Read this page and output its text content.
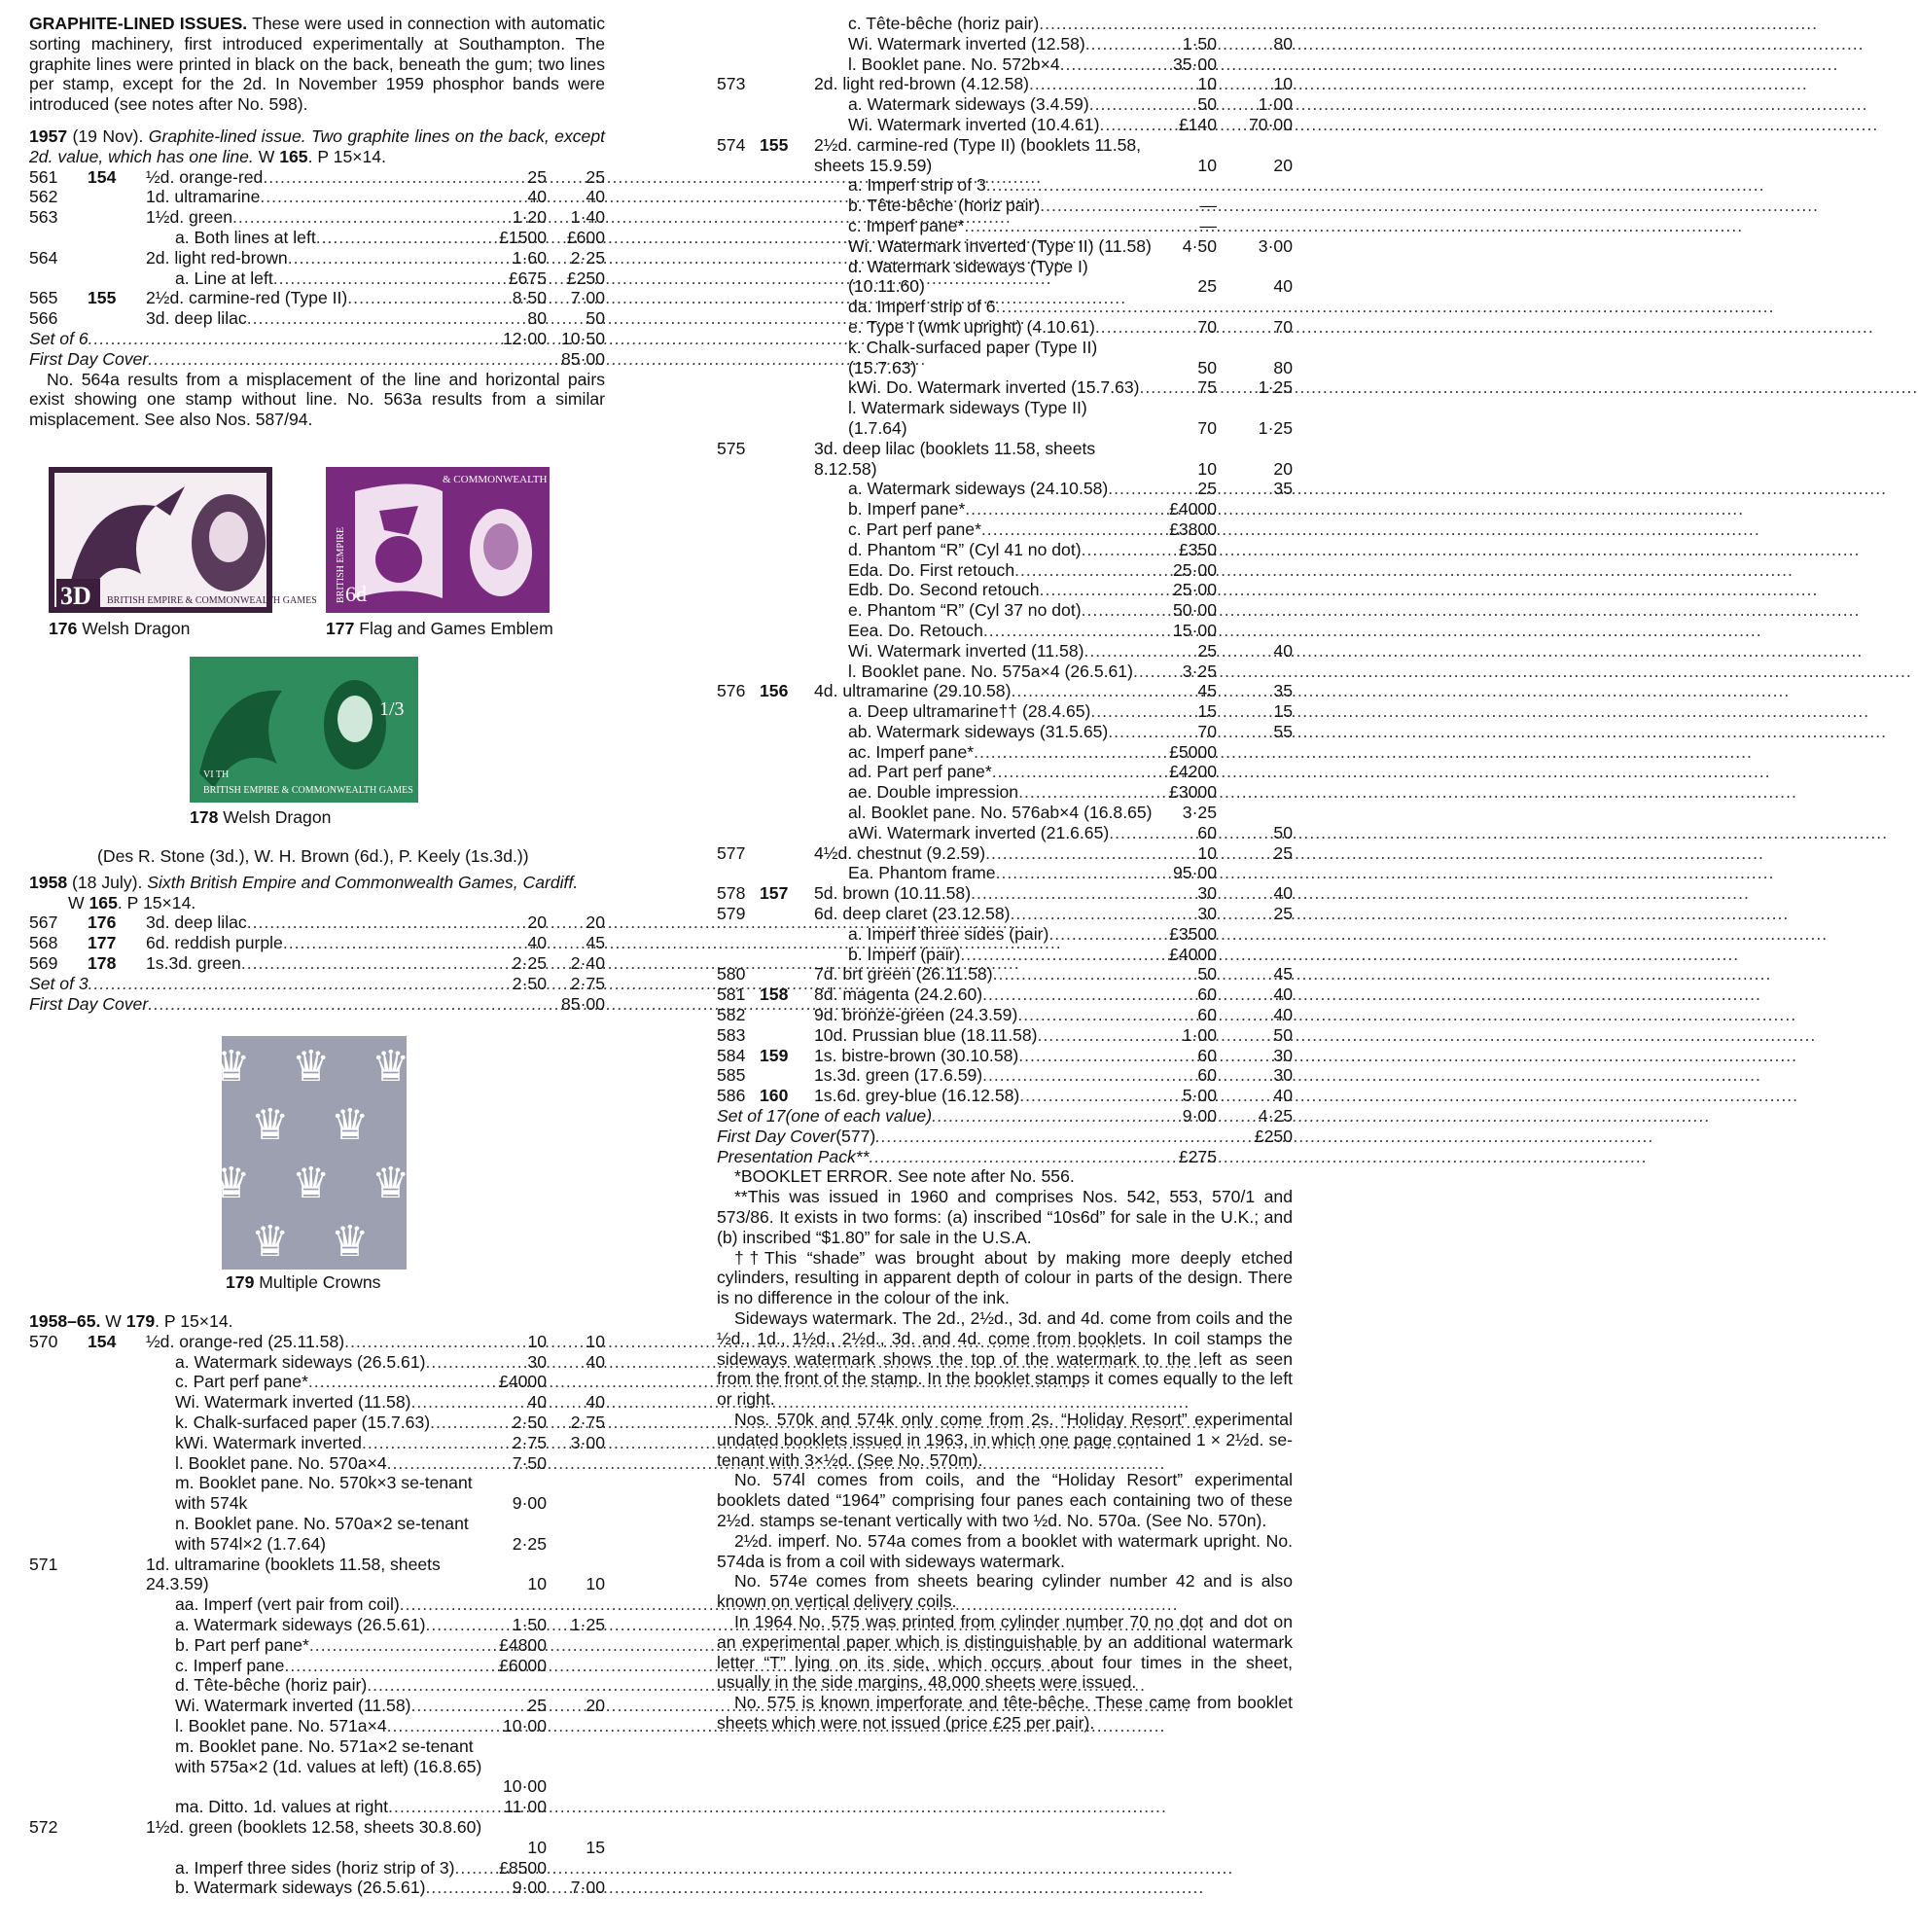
GRAPHITE-LINED ISSUES. These were used in connection with automatic sorting machinery, first introduced experimentally at Southampton. The graphite lines were printed in black on the back, beneath the gum; two lines per stamp, except for the 2d. In November 1959 phosphor bands were introduced (see notes after No. 598).

1957 (19 Nov). Graphite-lined issue. Two graphite lines on the back, except 2d. value, which has one line. W 165. P 15×14.

561 154 ½d. orange-red .....	25	25
562	1d. ultramarine .....	40	40
563	1½d. green .....	1·20	1·40
a. Both lines at left .....	£1500	£600
564	2d. light red-brown .....	1·60	2·25
a. Line at left .....	£675	£250
565 155 2½d. carmine-red (Type II) .....	8·50	7·00
566	3d. deep lilac .....	80	50
Set of 6 .....	12·00 10·50
First Day Cover .....	85·00

No. 564a results from a misplacement of the line and horizontal pairs exist showing one stamp without line. No. 563a results from a similar misplacement. See also Nos. 587/94.

3D BRITISH EMPIRE & COMMONWEALTH GAMES
176 Welsh Dragon
& COMMONWEALTH GAMES
BRITISH EMPIRE 6d
177 Flag and Games Emblem
1/3
VI TH
BRITISH EMPIRE & COMMONWEALTH GAMES
178 Welsh Dragon

(Des R. Stone (3d.), W. H. Brown (6d.), P. Keely (1s.3d.))

1958 (18 July). Sixth British Empire and Commonwealth Games, Cardiff.
W 165. P 15×14.

567 176 3d. deep lilac .....	20	20
568 177 6d. reddish purple .....	40	45
569 178 1s.3d. green .....	2·25	2·40
Set of 3 .....	2·50	2·75
First Day Cover .....	85·00
♛ ♛ ♛
♛ ♛
♛ ♛ ♛
♛ ♛
179 Multiple Crowns

1958–65. W 179. P 15×14.

570 154 ½d. orange-red (25.11.58) .....	10	10
a. Watermark sideways (26.5.61) .....	30	40
c. Part perf pane* .....	£4000
Wi. Watermark inverted (11.58) .....	40	40
k. Chalk-surfaced paper (15.7.63) .....	2·50	2·75
kWi. Watermark inverted .....	2·75	3·00
l. Booklet pane. No. 570a×4 .....	7·50
m. Booklet pane. No. 570k×3 se-tenant with 574k	9·00
n. Booklet pane. No. 570a×2 se-tenant with 574l×2 (1.7.64)	2·25
571	1d. ultramarine (booklets 11.58, sheets 24.3.59)	10	10
aa. Imperf (vert pair from coil)
.....
a. Watermark sideways (26.5.61) .....	1·50	1·25
b. Part perf pane* .....	£4800
c. Imperf pane .....	£6000
d. Tête-bêche (horiz pair)
.....
Wi. Watermark inverted (11.58) .....	25	20
l. Booklet pane. No. 571a×4 .....	10·00
m. Booklet pane. No. 571a×2 se-tenant with 575a×2 (1d. values at left) (16.8.65)
10·00
ma. Ditto. 1d. values at right .....	11·00
572	1½d. green (booklets 12.58, sheets 30.8.60)
10	15
a. Imperf three sides (horiz strip of 3) .....	£8500
b. Watermark sideways (26.5.61) .....	9·00	7·00
c. Tête-bêche (horiz pair)
.....
Wi. Watermark inverted (12.58) .....	1·50	80
l. Booklet pane. No. 572b×4 .....	35·00
573	2d. light red-brown (4.12.58) .....	10	10
a. Watermark sideways (3.4.59) .....	50	1·00
Wi. Watermark inverted (10.4.61) .....	£140	70·00
574 155 2½d. carmine-red (Type II) (booklets 11.58, sheets 15.9.59)	10	20
a. Imperf strip of 3
.....
b. Tête-bêche (horiz pair) .....	—
c. Imperf pane* .....	—
Wi. Watermark inverted (Type II) (11.58)	4·50	3·00
d. Watermark sideways (Type I) (10.11.60)	25	40
da. Imperf strip of 6
.....
e. Type I (wmk upright) (4.10.61) .....	70	70
k. Chalk-surfaced paper (Type II) (15.7.63)	50	80
kWi. Do. Watermark inverted (15.7.63) .....	75	1·25
l. Watermark sideways (Type II) (1.7.64)	70	1·25
575	3d. deep lilac (booklets 11.58, sheets 8.12.58)	10	20
a. Watermark sideways (24.10.58) .....	25	35
b. Imperf pane* .....	£4000
c. Part perf pane* .....	£3800
d. Phantom “R” (Cyl 41 no dot) .....	£350
Eda. Do. First retouch .....	25·00
Edb. Do. Second retouch .....	25·00
e. Phantom “R” (Cyl 37 no dot) .....	50·00
Eea. Do. Retouch .....	15·00
Wi. Watermark inverted (11.58) .....	25	40
l. Booklet pane. No. 575a×4 (26.5.61) .....	3·25
576 156 4d. ultramarine (29.10.58) .....	45	35
a. Deep ultramarine†† (28.4.65) .....	15	15
ab. Watermark sideways (31.5.65) .....	70	55
ac. Imperf pane* .....	£5000
ad. Part perf pane* .....	£4200
ae. Double impression .....	£3000
al. Booklet pane. No. 576ab×4 (16.8.65)	3·25
aWi. Watermark inverted (21.6.65) .....	60	50
577	4½d. chestnut (9.2.59) .....	10	25
Ea. Phantom frame .....	95·00
578 157 5d. brown (10.11.58) .....	30	40
579	6d. deep claret (23.12.58) .....	30	25
a. Imperf three sides (pair) .....	£3500
b. Imperf (pair) .....	£4000
580	7d. brt green (26.11.58) .....	50	45
581 158 8d. magenta (24.2.60) .....	60	40
582	9d. bronze-green (24.3.59) .....	60	40
583	10d. Prussian blue (18.11.58) .....	1·00	50
584 159 1s. bistre-brown (30.10.58) .....	60	30
585	1s.3d. green (17.6.59) .....	60	30
586 160 1s.6d. grey-blue (16.12.58) .....	5·00	40
Set of 17 (one of each value) .....	9·00	4·25
First Day Cover (577) .....	£250
Presentation Pack** .....	£275

*BOOKLET ERROR. See note after No. 556.

**This was issued in 1960 and comprises Nos. 542, 553, 570/1 and 573/86. It exists in two forms: (a) inscribed “10s6d” for sale in the U.K.; and (b) inscribed “$1.80” for sale in the U.S.A.

††This “shade” was brought about by making more deeply etched cylinders, resulting in apparent depth of colour in parts of the design. There is no difference in the colour of the ink.

Sideways watermark. The 2d., 2½d., 3d. and 4d. come from coils and the ½d., 1d., 1½d., 2½d., 3d. and 4d. come from booklets. In coil stamps the sideways watermark shows the top of the watermark to the left as seen from the front of the stamp. In the booklet stamps it comes equally to the left or right.

Nos. 570k and 574k only come from 2s. “Holiday Resort” experimental undated booklets issued in 1963, in which one page contained 1 × 2½d. se-tenant with 3×½d. (See No. 570m).

No. 574l comes from coils, and the “Holiday Resort” experimental booklets dated “1964” comprising four panes each containing two of these 2½d. stamps se-tenant vertically with two ½d. No. 570a. (See No. 570n).

2½d. imperf. No. 574a comes from a booklet with watermark upright. No. 574da is from a coil with sideways watermark.

No. 574e comes from sheets bearing cylinder number 42 and is also known on vertical delivery coils.

In 1964 No. 575 was printed from cylinder number 70 no dot and dot on an experimental paper which is distinguishable by an additional watermark letter “T” lying on its side, which occurs about four times in the sheet, usually in the side margins, 48,000 sheets were issued.

No. 575 is known imperforate and tête-bêche. These came from booklet sheets which were not issued (price £25 per pair).
